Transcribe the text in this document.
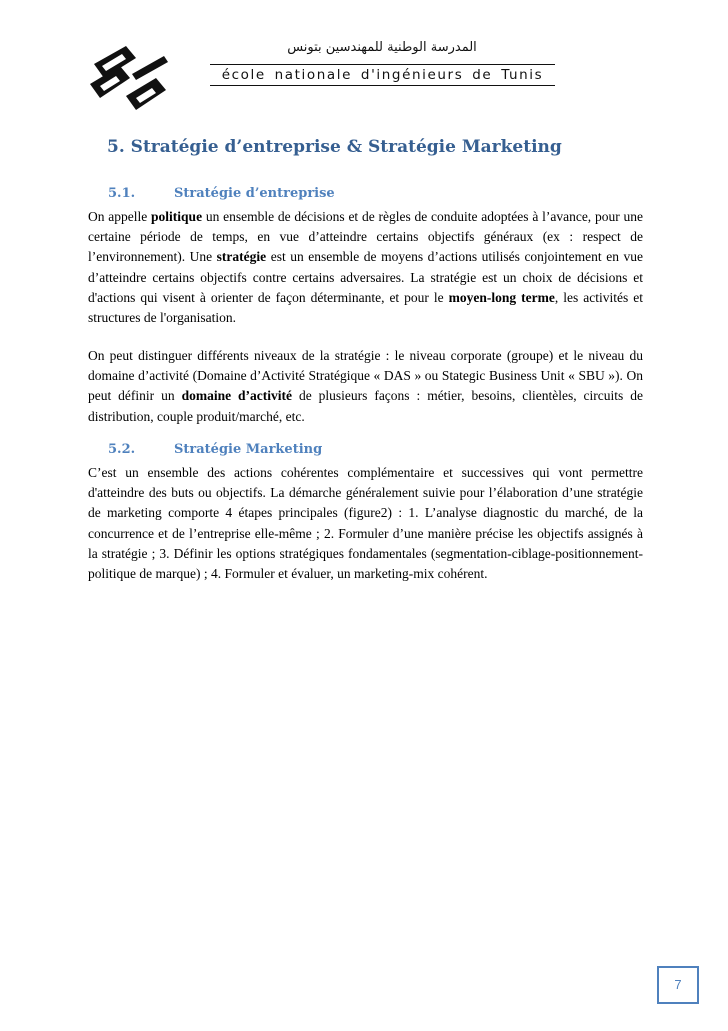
المدرسة الوطنية للمهندسين بتونس
école nationale d'ingénieurs de Tunis
5. Stratégie d’entreprise & Stratégie Marketing
5.1.	Stratégie d’entreprise
On appelle politique un ensemble de décisions et de règles de conduite adoptées à l’avance, pour une certaine période de temps, en vue d’atteindre certains objectifs généraux (ex : respect de l’environnement). Une stratégie est un ensemble de moyens d’actions utilisés conjointement en vue d’atteindre certains objectifs contre certains adversaires. La stratégie est un choix de décisions et d'actions qui visent à orienter de façon déterminante, et pour le moyen-long terme, les activités et structures de l'organisation.
On peut distinguer différents niveaux de la stratégie : le niveau corporate (groupe) et le niveau du domaine d’activité (Domaine d’Activité Stratégique « DAS » ou Stategic Business Unit « SBU »). On peut définir un domaine d’activité de plusieurs façons : métier, besoins, clientèles, circuits de distribution, couple produit/marché, etc.
5.2.	Stratégie Marketing
C’est un ensemble des actions cohérentes complémentaire et successives qui vont permettre d'atteindre des buts ou objectifs. La démarche généralement suivie pour l’élaboration d’une stratégie de marketing comporte 4 étapes principales (figure2) : 1. L’analyse diagnostic du marché, de la concurrence et de l’entreprise elle-même ; 2. Formuler d’une manière précise les objectifs assignés à la stratégie ; 3. Définir les options stratégiques fondamentales (segmentation-ciblage-positionnement-politique de marque) ; 4. Formuler et évaluer, un marketing-mix cohérent.
7
